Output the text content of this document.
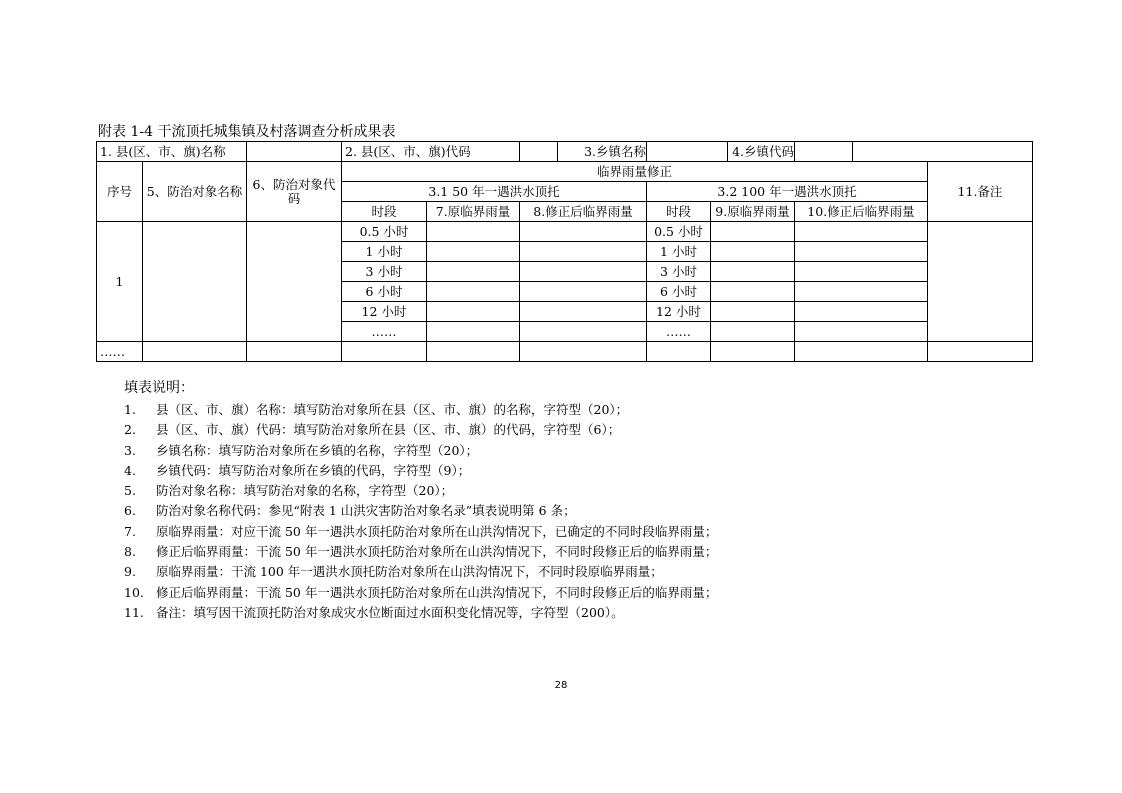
附表 1-4 干流顶托城集镇及村落调查分析成果表
1. 县(区、市、旗)名称			2. 县(区、市、旗)代码		3.乡镇名称	4.乡镇代码			

序号	5、防治对象名称	6、防治对象代码	临界雨量修正						11.备注
			3.1 50 年一遇洪水顶托			3.2 100 年一遇洪水顶托			
			时段	7.原临界雨量	8.修正后临界雨量	时段	9.原临界雨量	10.修正后临界雨量	
1			0.5 小时			0.5 小时			
			1 小时			1 小时			
			3 小时			3 小时			
			6 小时			6 小时			
			12 小时			12 小时			
			……			……			
……									
填表说明：
1. 县（区、市、旗）名称：填写防治对象所在县（区、市、旗）的名称，字符型（20）；
2. 县（区、市、旗）代码：填写防治对象所在县（区、市、旗）的代码，字符型（6）；
3. 乡镇名称：填写防治对象所在乡镇的名称，字符型（20）；
4. 乡镇代码：填写防治对象所在乡镇的代码，字符型（9）；
5. 防治对象名称：填写防治对象的名称，字符型（20）；
6. 防治对象名称代码：参见“附表 1 山洪灾害防治对象名录”填表说明第 6 条；
7. 原临界雨量：对应干流 50 年一遇洪水顶托防治对象所在山洪沟情况下，已确定的不同时段临界雨量；
8. 修正后临界雨量：干流 50 年一遇洪水顶托防治对象所在山洪沟情况下，不同时段修正后的临界雨量；
9. 原临界雨量：干流 100 年一遇洪水顶托防治对象所在山洪沟情况下，不同时段原临界雨量；
10. 修正后临界雨量：干流 50 年一遇洪水顶托防治对象所在山洪沟情况下，不同时段修正后的临界雨量；
11. 备注：填写因干流顶托防治对象成灾水位断面过水面积变化情况等，字符型（200）。
28
